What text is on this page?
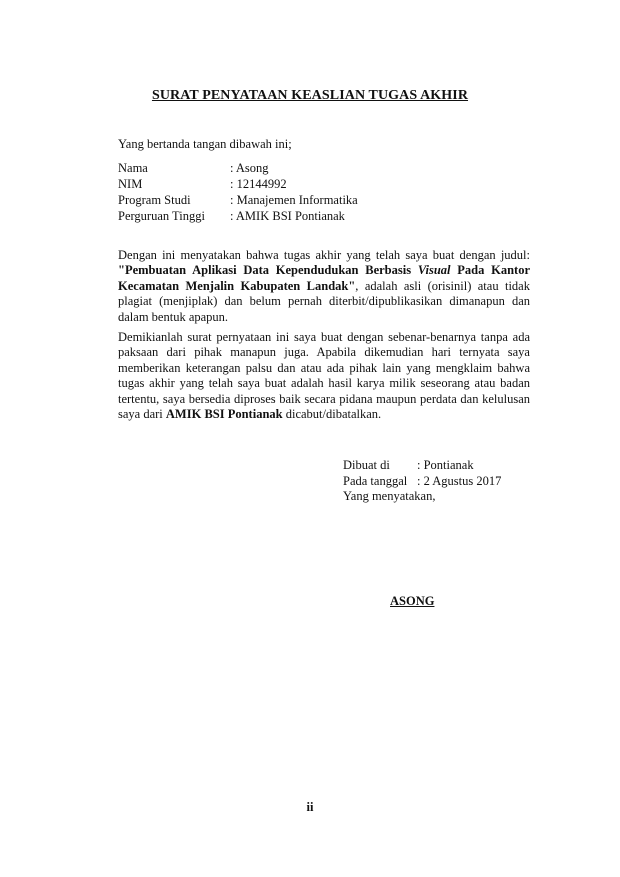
SURAT PENYATAAN KEASLIAN TUGAS AKHIR
Yang bertanda tangan dibawah ini;
Nama	: Asong
NIM	: 12144992
Program Studi	: Manajemen Informatika
Perguruan Tinggi	: AMIK BSI Pontianak
Dengan ini menyatakan bahwa tugas akhir yang telah saya buat dengan judul: "Pembuatan Aplikasi Data Kependudukan Berbasis Visual Pada Kantor Kecamatan Menjalin Kabupaten Landak", adalah asli (orisinil) atau tidak plagiat (menjiplak) dan belum pernah diterbit/dipublikasikan dimanapun dan dalam bentuk apapun.
Demikianlah surat pernyataan ini saya buat dengan sebenar-benarnya tanpa ada paksaan dari pihak manapun juga. Apabila dikemudian hari ternyata saya memberikan keterangan palsu dan atau ada pihak lain yang mengklaim bahwa tugas akhir yang telah saya buat adalah hasil karya milik seseorang atau badan tertentu, saya bersedia diproses baik secara pidana maupun perdata dan kelulusan saya dari AMIK BSI Pontianak dicabut/dibatalkan.
Dibuat di	: Pontianak
Pada tanggal : 2 Agustus 2017
Yang menyatakan,
ASONG
ii
